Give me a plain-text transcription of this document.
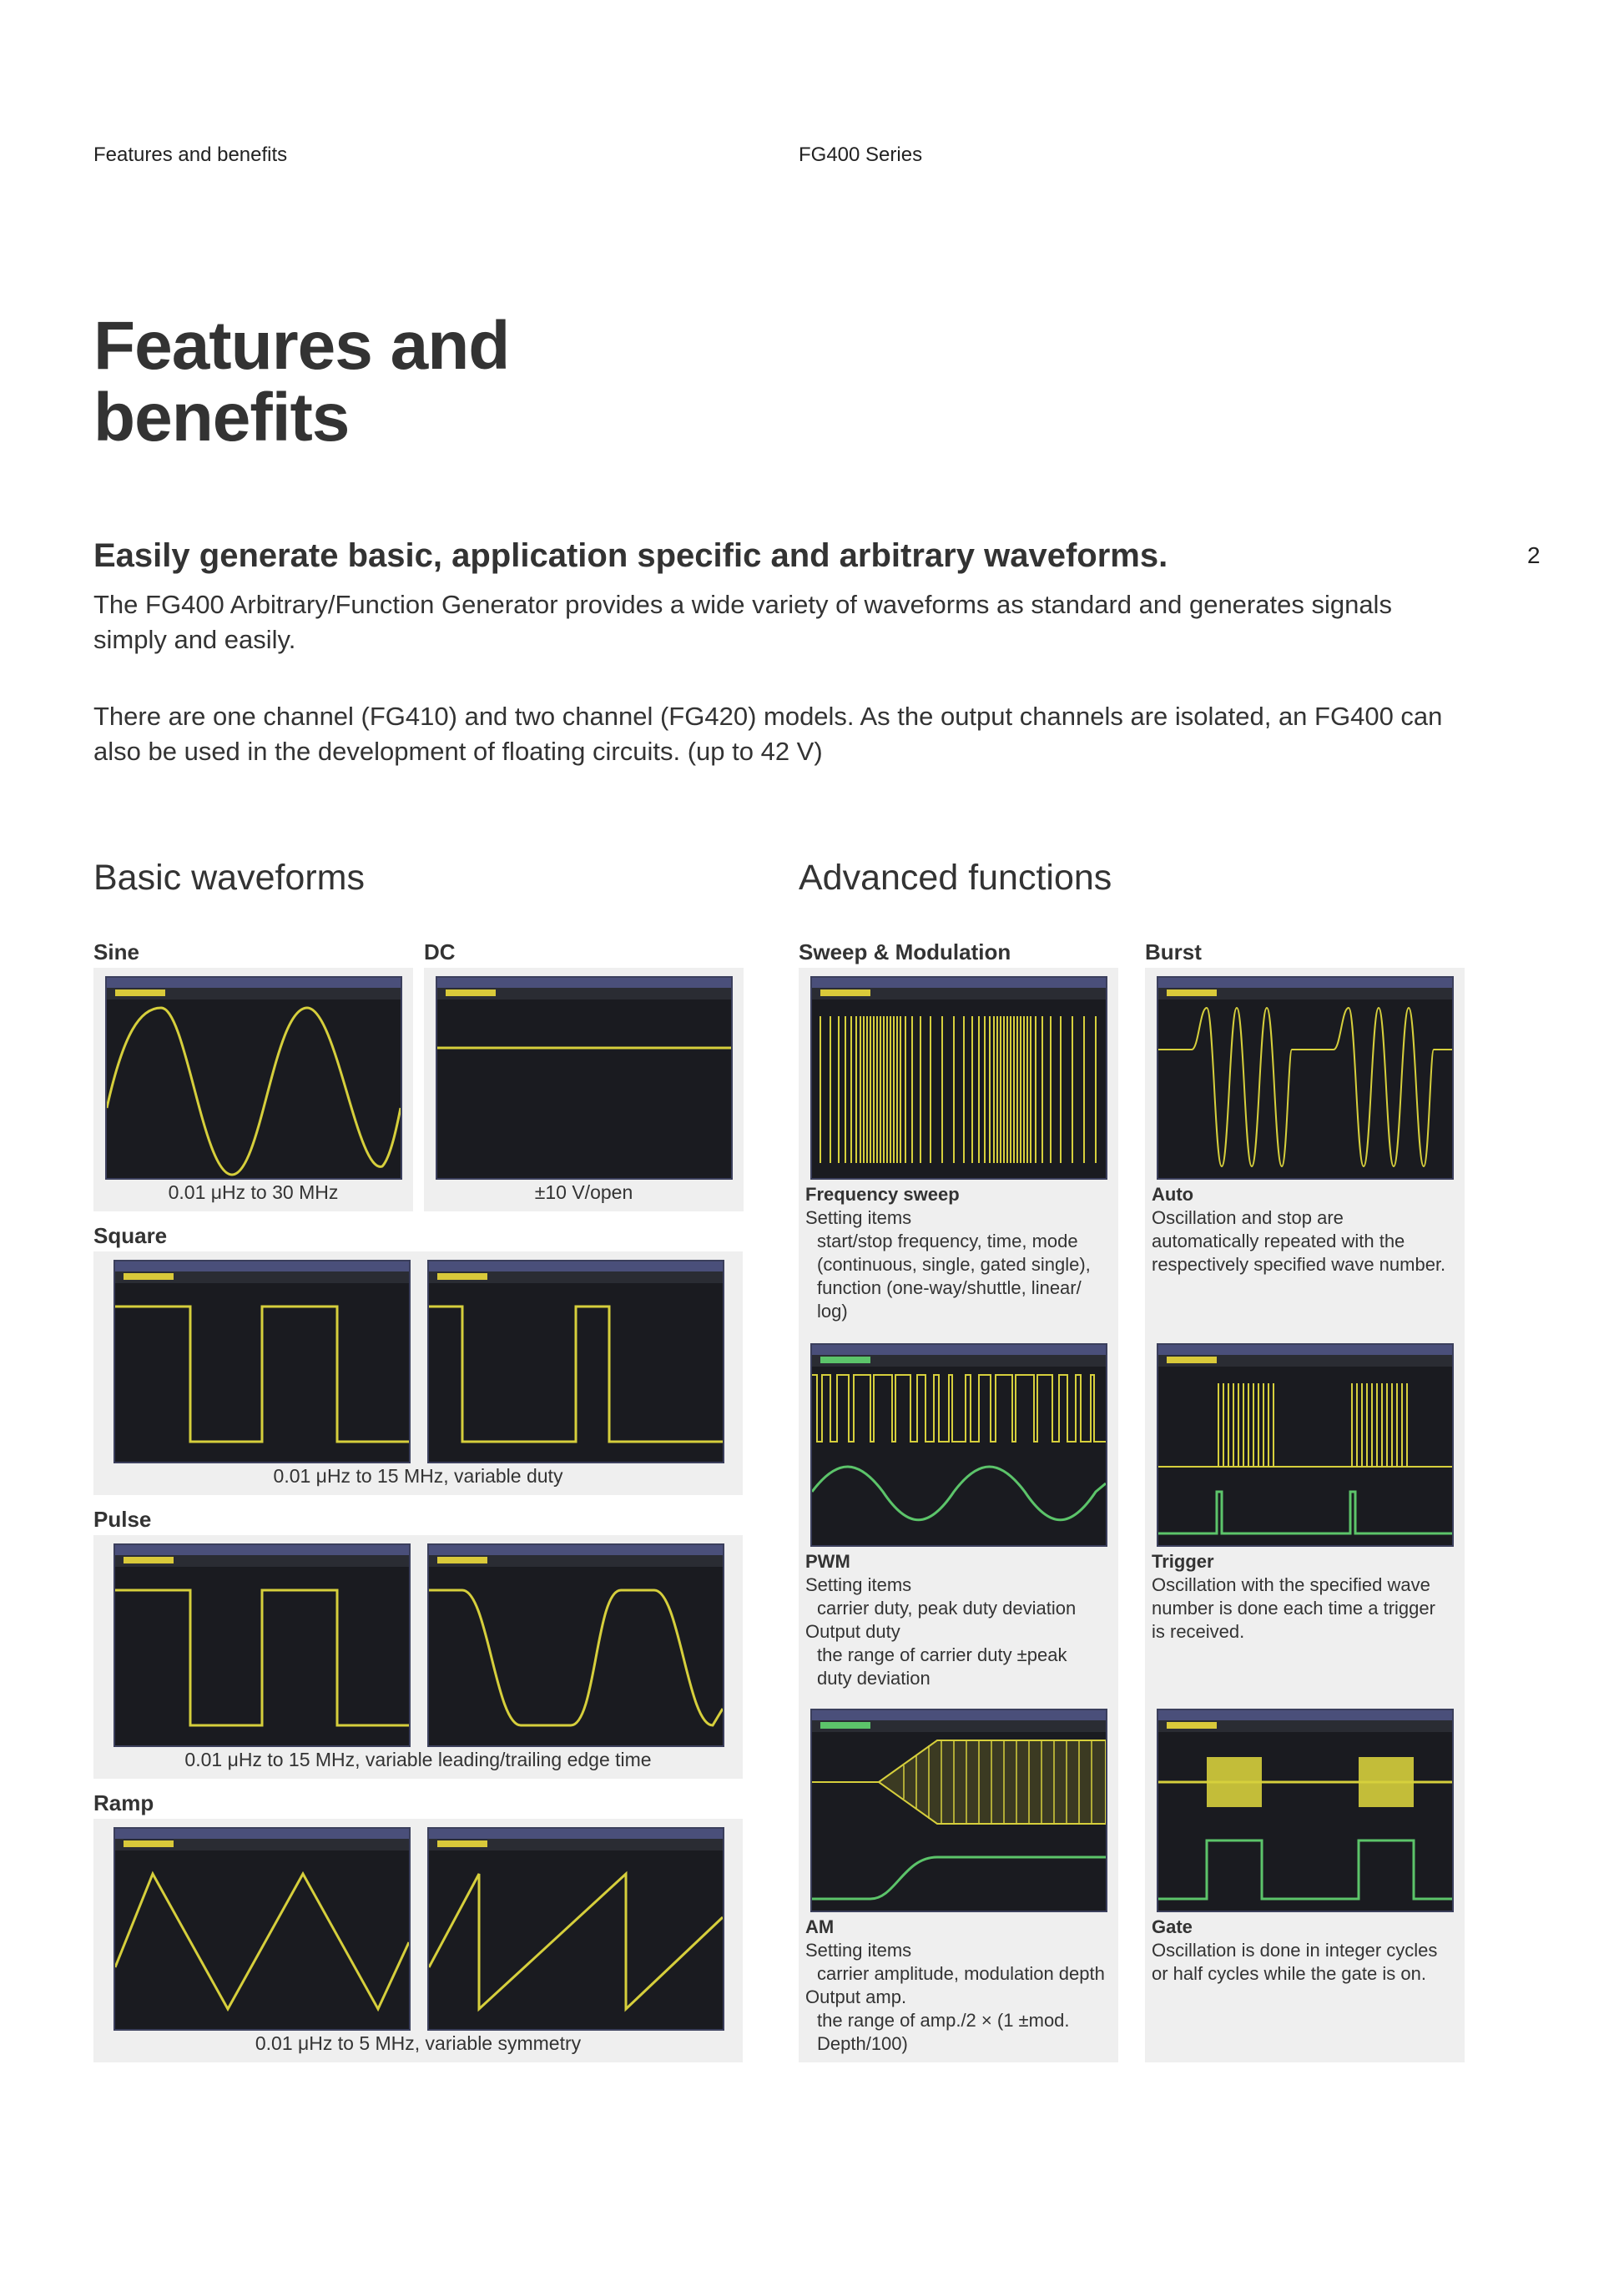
Features and benefits	FG400 Series
Features and
benefits
Easily generate basic, application specific and arbitrary waveforms.	2
The FG400 Arbitrary/Function Generator provides a wide variety of waveforms as standard and generates signals simply and easily.
There are one channel (FG410) and two channel (FG420) models. As the output channels are isolated, an FG400 can also be used in the development of floating circuits. (up to 42 V)
Basic waveforms	Advanced functions
Sine	DC
0.01 μHz to 30 MHz	±10 V/open
Square
0.01 μHz to 15 MHz, variable duty
Pulse
0.01 μHz to 15 MHz, variable leading/trailing edge time
Ramp
0.01 μHz to 5 MHz, variable symmetry
Sweep & Modulation	Burst
Frequency sweep
Setting items
start/stop frequency, time, mode
(continuous, single, gated single),
function (one-way/shuttle, linear/
log)
Auto
Oscillation and stop are
automatically repeated with the
respectively specified wave number.
PWM
Setting items
carrier duty, peak duty deviation
Output duty
the range of carrier duty ±peak
duty deviation
Trigger
Oscillation with the specified wave
number is done each time a trigger
is received.
AM
Setting items
carrier amplitude, modulation depth
Output amp.
the range of amp./2 × (1 ±mod.
Depth/100)
Gate
Oscillation is done in integer cycles
or half cycles while the gate is on.
